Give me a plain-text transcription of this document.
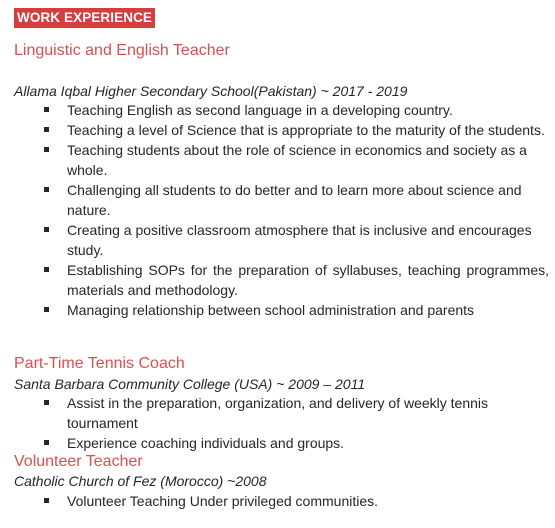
WORK EXPERIENCE
Linguistic and English Teacher
Allama Iqbal Higher Secondary School(Pakistan) ~ 2017 - 2019
Teaching English as second language in a developing country.
Teaching a level of Science that is appropriate to the maturity of the students.
Teaching students about the role of science in economics and society as a whole.
Challenging all students to do better and to learn more about science and nature.
Creating a positive classroom atmosphere that is inclusive and encourages study.
Establishing SOPs for the preparation of syllabuses, teaching programmes, materials and methodology.
Managing relationship between school administration and parents
Part-Time Tennis Coach
Santa Barbara Community College (USA) ~ 2009 – 2011
Assist in the preparation, organization, and delivery of weekly tennis tournament
Experience coaching individuals and groups.
Volunteer Teacher
Catholic Church of Fez (Morocco) ~2008
Volunteer Teaching Under privileged communities.
